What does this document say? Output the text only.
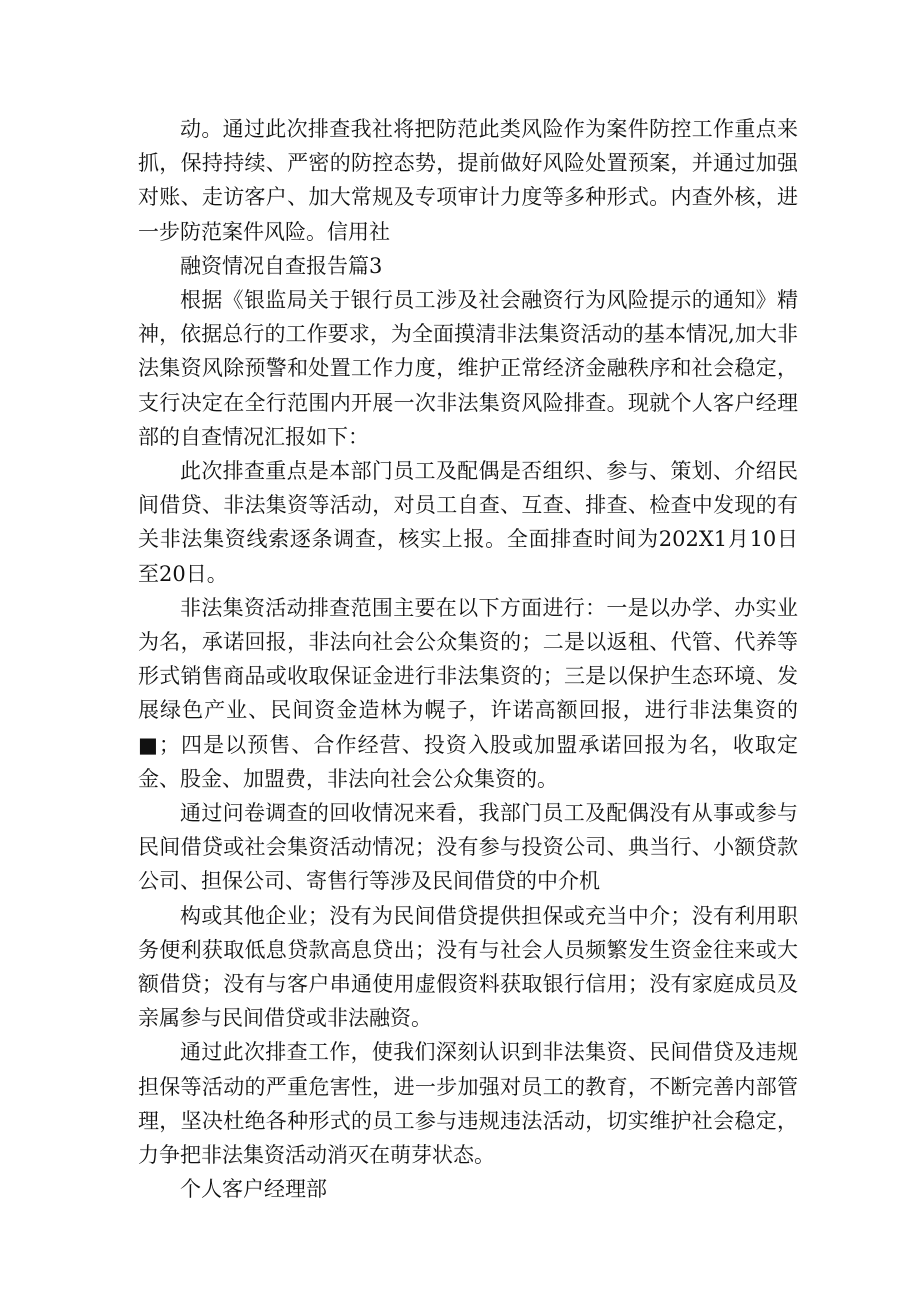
动。通过此次排查我社将把防范此类风险作为案件防控工作重点来抓，保持持续、严密的防控态势，提前做好风险处置预案，并通过加强对账、走访客户、加大常规及专项审计力度等多种形式。内查外核，进一步防范案件风险。信用社

融资情况自查报告篇3

根据《银监局关于银行员工涉及社会融资行为风险提示的通知》精神，依据总行的工作要求，为全面摸清非法集资活动的基本情况,加大非法集资风除预警和处置工作力度，维护正常经济金融秩序和社会稳定，支行决定在全行范围内开展一次非法集资风险排查。现就个人客户经理部的自查情况汇报如下：

此次排查重点是本部门员工及配偶是否组织、参与、策划、介绍民间借贷、非法集资等活动，对员工自查、互查、排查、检查中发现的有关非法集资线索逐条调查，核实上报。全面排查时间为202X1月10日至20日。

非法集资活动排查范围主要在以下方面进行：一是以办学、办实业为名，承诺回报，非法向社会公众集资的；二是以返租、代管、代养等形式销售商品或收取保证金进行非法集资的；三是以保护生态环境、发展绿色产业、民间资金造林为幌子，许诺高额回报，进行非法集资的■；四是以预售、合作经营、投资入股或加盟承诺回报为名，收取定金、股金、加盟费，非法向社会公众集资的。

通过问卷调查的回收情况来看，我部门员工及配偶没有从事或参与民间借贷或社会集资活动情况；没有参与投资公司、典当行、小额贷款公司、担保公司、寄售行等涉及民间借贷的中介机

构或其他企业；没有为民间借贷提供担保或充当中介；没有利用职务便利获取低息贷款高息贷出；没有与社会人员频繁发生资金往来或大额借贷；没有与客户串通使用虚假资料获取银行信用；没有家庭成员及亲属参与民间借贷或非法融资。

通过此次排查工作，使我们深刻认识到非法集资、民间借贷及违规担保等活动的严重危害性，进一步加强对员工的教育，不断完善内部管理，坚决杜绝各种形式的员工参与违规违法活动，切实维护社会稳定，力争把非法集资活动消灭在萌芽状态。

个人客户经理部
